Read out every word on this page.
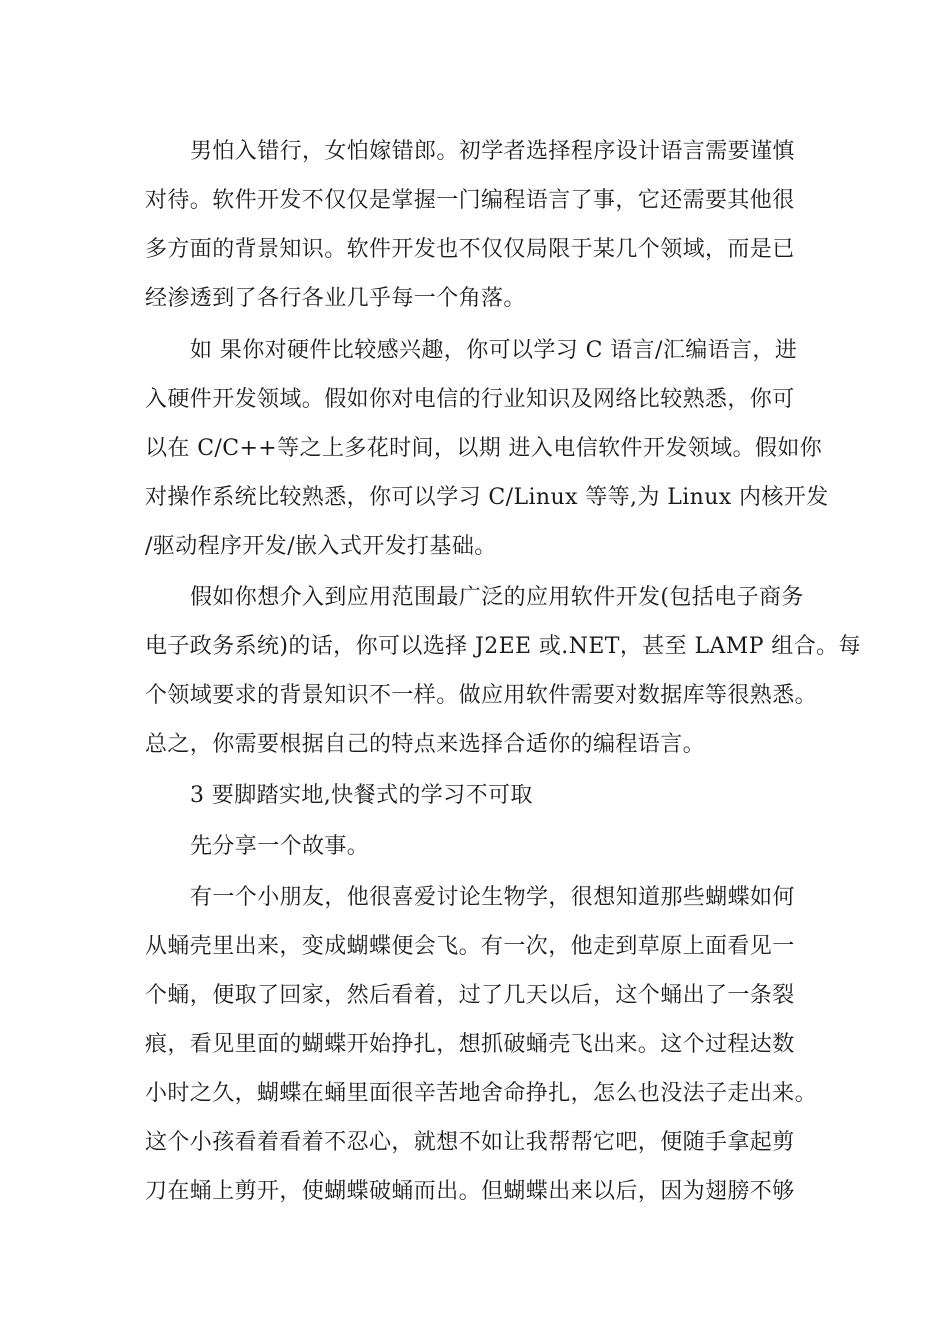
男怕入错行，女怕嫁错郎。初学者选择程序设计语言需要谨慎
对待。软件开发不仅仅是掌握一门编程语言了事，它还需要其他很
多方面的背景知识。软件开发也不仅仅局限于某几个领域，而是已
经渗透到了各行各业几乎每一个角落。
如 果你对硬件比较感兴趣，你可以学习 C 语言/汇编语言，进
入硬件开发领域。假如你对电信的行业知识及网络比较熟悉，你可
以在 C/C++等之上多花时间，以期 进入电信软件开发领域。假如你
对操作系统比较熟悉，你可以学习 C/Linux 等等,为 Linux 内核开发
/驱动程序开发/嵌入式开发打基础。
假如你想介入到应用范围最广泛的应用软件开发(包括电子商务
电子政务系统)的话，你可以选择 J2EE 或.NET，甚至 LAMP 组合。每
个领域要求的背景知识不一样。做应用软件需要对数据库等很熟悉。
总之，你需要根据自己的特点来选择合适你的编程语言。
3 要脚踏实地,快餐式的学习不可取
先分享一个故事。
有一个小朋友，他很喜爱讨论生物学，很想知道那些蝴蝶如何
从蛹壳里出来，变成蝴蝶便会飞。有一次，他走到草原上面看见一
个蛹，便取了回家，然后看着，过了几天以后，这个蛹出了一条裂
痕，看见里面的蝴蝶开始挣扎，想抓破蛹壳飞出来。这个过程达数
小时之久，蝴蝶在蛹里面很辛苦地舍命挣扎，怎么也没法子走出来。
这个小孩看着看着不忍心，就想不如让我帮帮它吧，便随手拿起剪
刀在蛹上剪开，使蝴蝶破蛹而出。但蝴蝶出来以后，因为翅膀不够
